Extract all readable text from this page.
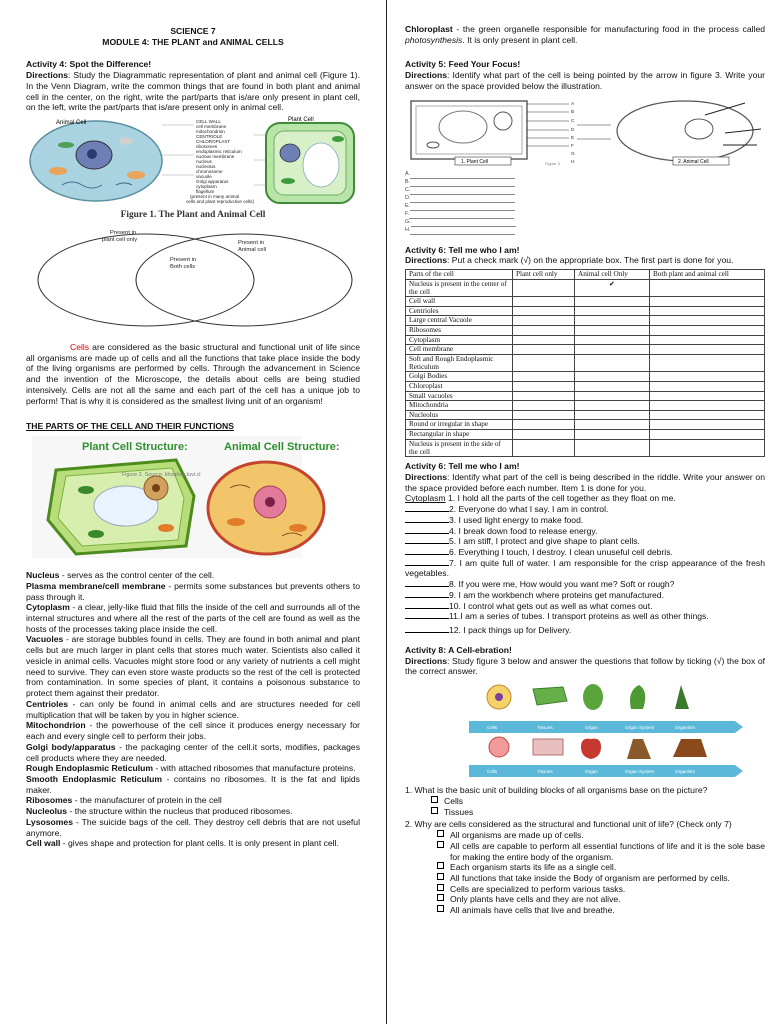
SCIENCE 7

MODULE 4: THE PLANT and ANIMAL CELLS

Activity 4: Spot the Difference!

Directions: Study the Diagrammatic representation of plant and animal cell (Figure 1). In the Venn Diagram, write the common things that are found in both plant and animal cell in the center, on the right, write the part/parts that is/are only present in plant cell, on the left, write the part/parts that is/are present only in animal cell.

Animal Cell	CELL WALL
cell membrane
mitochondrion
CENTRIOLE
CHLOROPLAST
ribosomes
endoplasmic reticulum
nuclear membrane
nucleus
nucleolus
chromosome
vacuole
Golgi apparatus
cytoplasm
flagellum
(present in many animal
cells and plant reproductive cells)
Plant Cell

Figure 1. The Plant and Animal Cell

Present in
plant cell only	Present in
Animal cell
Present in
Both cells

Cells are considered as the basic structural and functional unit of life since all organisms are made up of cells and all the functions that take place inside the body of the living organisms are performed by cells. Through the advancement in Science and the invention of the Microscope, the details about cells are being studied intensively. Cells are not all the same and each part of the cell has a unique job to perform! That is why it is considered as the smallest living unit of an organism!

THE PARTS OF THE CELL AND THEIR FUNCTIONS

Plant Cell Structure:	Animal Cell Structure:
Figure 2. Source: khoahoc.tuvi.cl

Nucleus - serves as the control center of the cell.

Plasma membrane/cell membrane - permits some substances but prevents others to pass through it.

Cytoplasm - a clear, jelly-like fluid that fills the inside of the cell and surrounds all of the internal structures and where all the rest of the parts of the cell are found as well as the hosts of the processes taking place inside the cell.

Vacuoles - are storage bubbles found in cells. They are found in both animal and plant cells but are much larger in plant cells that stores much water. Scientists also called it vesicle in animal cells. Vacuoles might store food or any variety of nutrients a cell might need to survive. They can even store waste products so the rest of the cell is protected from contamination. In some species of plant, it contains a poisonous substance to protect them against their predator.

Centrioles - can only be found in animal cells and are structures needed for cell multiplication that will be taken by you in higher science.

Mitochondrion - the powerhouse of the cell since it produces energy necessary for each and every single cell to perform their jobs.

Golgi body/apparatus - the packaging center of the cell.it sorts, modifies, packages cell products where they are needed.

Rough Endoplasmic Reticulum - with attached ribosomes that manufacture proteins.

Smooth Endoplasmic Reticulum - contains no ribosomes. It is the fat and lipids maker.

Ribosomes - the manufacturer of protein in the cell

Nucleolus - the structure within the nucleus that produced ribosomes.

Lysosomes - The suicide bags of the cell. They destroy cell debris that are not useful anymore.

Cell wall - gives shape and protection for plant cells. It is only present in plant cell.

Chloroplast - the green organelle responsible for manufacturing food in the process called photosynthesis. It is only present in plant cell.

Activity 5: Feed Your Focus!

Directions: Identify what part of the cell is being pointed by the arrow in figure 3. Write your answer on the space provided below the illustration.

A
B
C
D
E
F
G
H
1. Plant Cell	Figure 3	2. Animal Cell
A.
B.
C.
D.
E.
F.
G.
H.

Activity 6: Tell me who I am!

Directions: Put a check mark (√) on the appropriate box. The first part is done for you.

Parts of the cell	Plant cell only	Animal cell Only	Both plant and animal cell
Nucleus is present in the center of the cell		✔	
Cell wall			
Centrioles			
Large central Vacuole			
Ribosomes			
Cytoplasm			
Cell membrane			
Soft and Rough Endoplasmic Reticulum			
Golgi Bodies			
Chloroplast			
Small vacuoles			
Mitochondria			
Nucleolus			
Round or irregular in shape			
Rectangular in shape			
Nucleus is present in the side of the cell			

Activity 6: Tell me who I am!

Directions: Identify what part of the cell is being described in the riddle. Write your answer on the space provided before each number. Item 1 is done for you.

Cytoplasm 1. I hold all the parts of the cell together as they float on me.

2. Everyone do what I say. I am in control.

3. I used light energy to make food.

4. I break down food to release energy.

5. I am stiff, I protect and give shape to plant cells.

6. Everything I touch, I destroy. I clean unuseful cell debris.

7. I am quite full of water. I am responsible for the crisp appearance of the fresh vegetables.

8. If you were me, How would you want me? Soft or rough?

9. I am the workbench where proteins get manufactured.

10. I control what gets out as well as what comes out.

11.I am a series of tubes. I transport proteins as well as other things.

12. I pack things up for Delivery.

Activity 8: A Cell-ebration!

Directions: Study figure 3 below and answer the questions that follow by ticking (√) the box of the correct answer.

Cells	Tissues	Organ	Organ System	Organism
Cells	Tissues	Organ	Organ System	Organism

1. What is the basic unit of building blocks of all organisms base on the picture?

Cells
Tissues

2. Why are cells considered as the structural and functional unit of life? (Check only 7)

All organisms are made up of cells.
All cells are capable to perform all essential functions of life and it is the sole base for making the entire body of the organism.
Each organism starts its life as a single cell.
All functions that take inside the Body of organism are performed by cells.
Cells are specialized to perform various tasks.
Only plants have cells and they are not alive.
All animals have cells that live and breathe.
